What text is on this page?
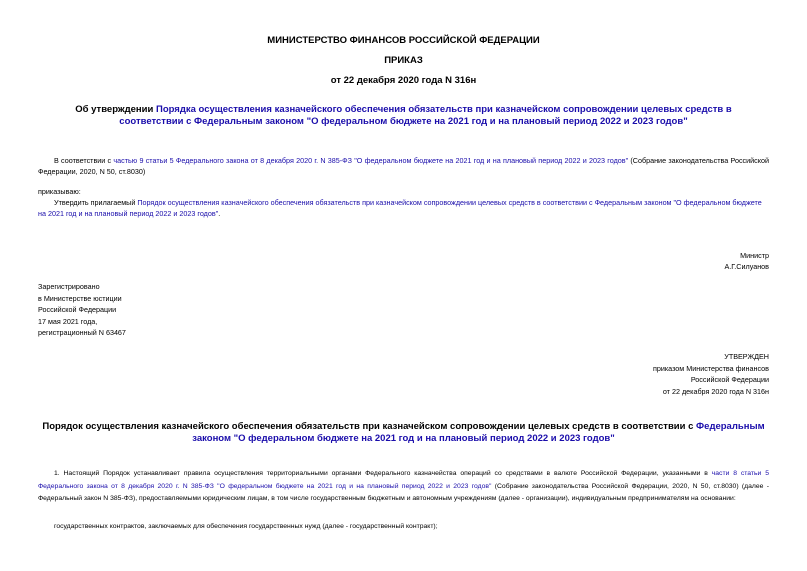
МИНИСТЕРСТВО ФИНАНСОВ РОССИЙСКОЙ ФЕДЕРАЦИИ
ПРИКАЗ
от 22 декабря 2020 года N 316н
Об утверждении Порядка осуществления казначейского обеспечения обязательств при казначейском сопровождении целевых средств в соответствии с Федеральным законом "О федеральном бюджете на 2021 год и на плановый период 2022 и 2023 годов"
В соответствии с частью 9 статьи 5 Федерального закона от 8 декабря 2020 г. N 385-ФЗ "О федеральном бюджете на 2021 год и на плановый период 2022 и 2023 годов" (Собрание законодательства Российской Федерации, 2020, N 50, ст.8030)
приказываю:
Утвердить прилагаемый Порядок осуществления казначейского обеспечения обязательств при казначейском сопровождении целевых средств в соответствии с Федеральным законом "О федеральном бюджете на 2021 год и на плановый период 2022 и 2023 годов".
Министр
А.Г.Силуанов
Зарегистрировано
в Министерстве юстиции
Российской Федерации
17 мая 2021 года,
регистрационный N 63467
УТВЕРЖДЕН
приказом Министерства финансов
Российской Федерации
от 22 декабря 2020 года N 316н
Порядок осуществления казначейского обеспечения обязательств при казначейском сопровождении целевых средств в соответствии с Федеральным законом "О федеральном бюджете на 2021 год и на плановый период 2022 и 2023 годов"
1. Настоящий Порядок устанавливает правила осуществления территориальными органами Федерального казначейства операций со средствами в валюте Российской Федерации, указанными в части 8 статьи 5 Федерального закона от 8 декабря 2020 г. N 385-ФЗ "О федеральном бюджете на 2021 год и на плановый период 2022 и 2023 годов" (Собрание законодательства Российской Федерации, 2020, N 50, ст.8030) (далее - Федеральный закон N 385-ФЗ), предоставляемыми юридическим лицам, в том числе государственным бюджетным и автономным учреждениям (далее - организации), индивидуальным предпринимателям на основании:
государственных контрактов, заключаемых для обеспечения государственных нужд (далее - государственный контракт);
